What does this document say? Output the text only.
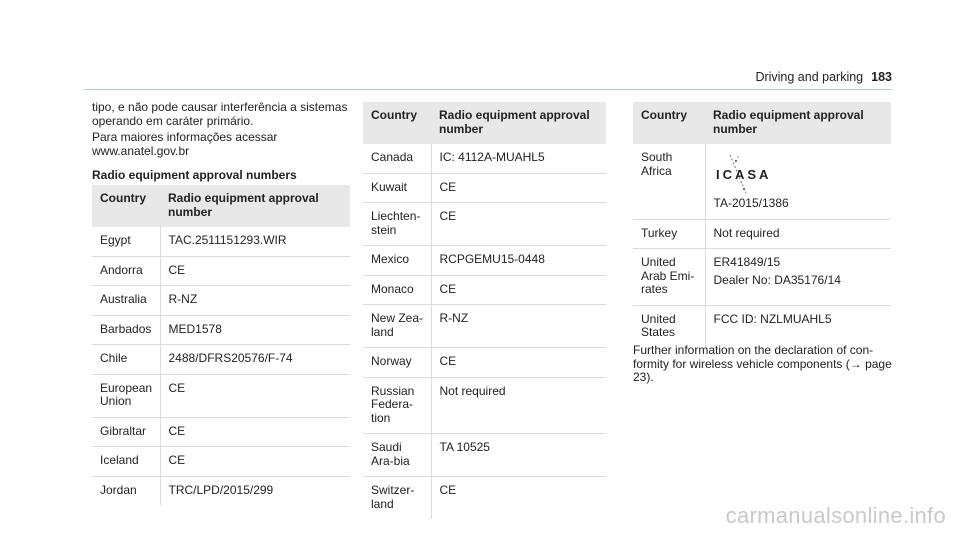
Driving and parking 183

tipo, e não pode causar interferência a sistemas
operando em caráter primário.

Para maiores informações acessar
www.anatel.gov.br

Radio equipment approval numbers
Country	Radio equipment approval number
Egypt	TAC.2511151293.WIR
Andorra	CE
Australia	R-NZ
Barbados	MED1578
Chile	2488/DFRS20576/F-74
European Union	CE
Gibraltar	CE
Iceland	CE
Jordan	TRC/LPD/2015/299
Country	Radio equipment approval number
Canada	IC: 4112A-MUAHL5
Kuwait	CE
Liechten-stein	CE
Mexico	RCPGEMU15-0448
Monaco	CE
New Zea-land	R-NZ
Norway	CE
Russian Federa-tion	Not required
Saudi Ara-bia	TA 10525
Switzer-land	CE
Country	Radio equipment approval number
South Africa	ICASA
TA-2015/1386

Turkey	Not required
United Arab Emi-rates	ER41849/15
Dealer No: DA35176/14

United States	FCC ID: NZLMUAHL5
Further information on the declaration of con-formity for wireless vehicle components (→ page 23).
carmanualsonline.info
